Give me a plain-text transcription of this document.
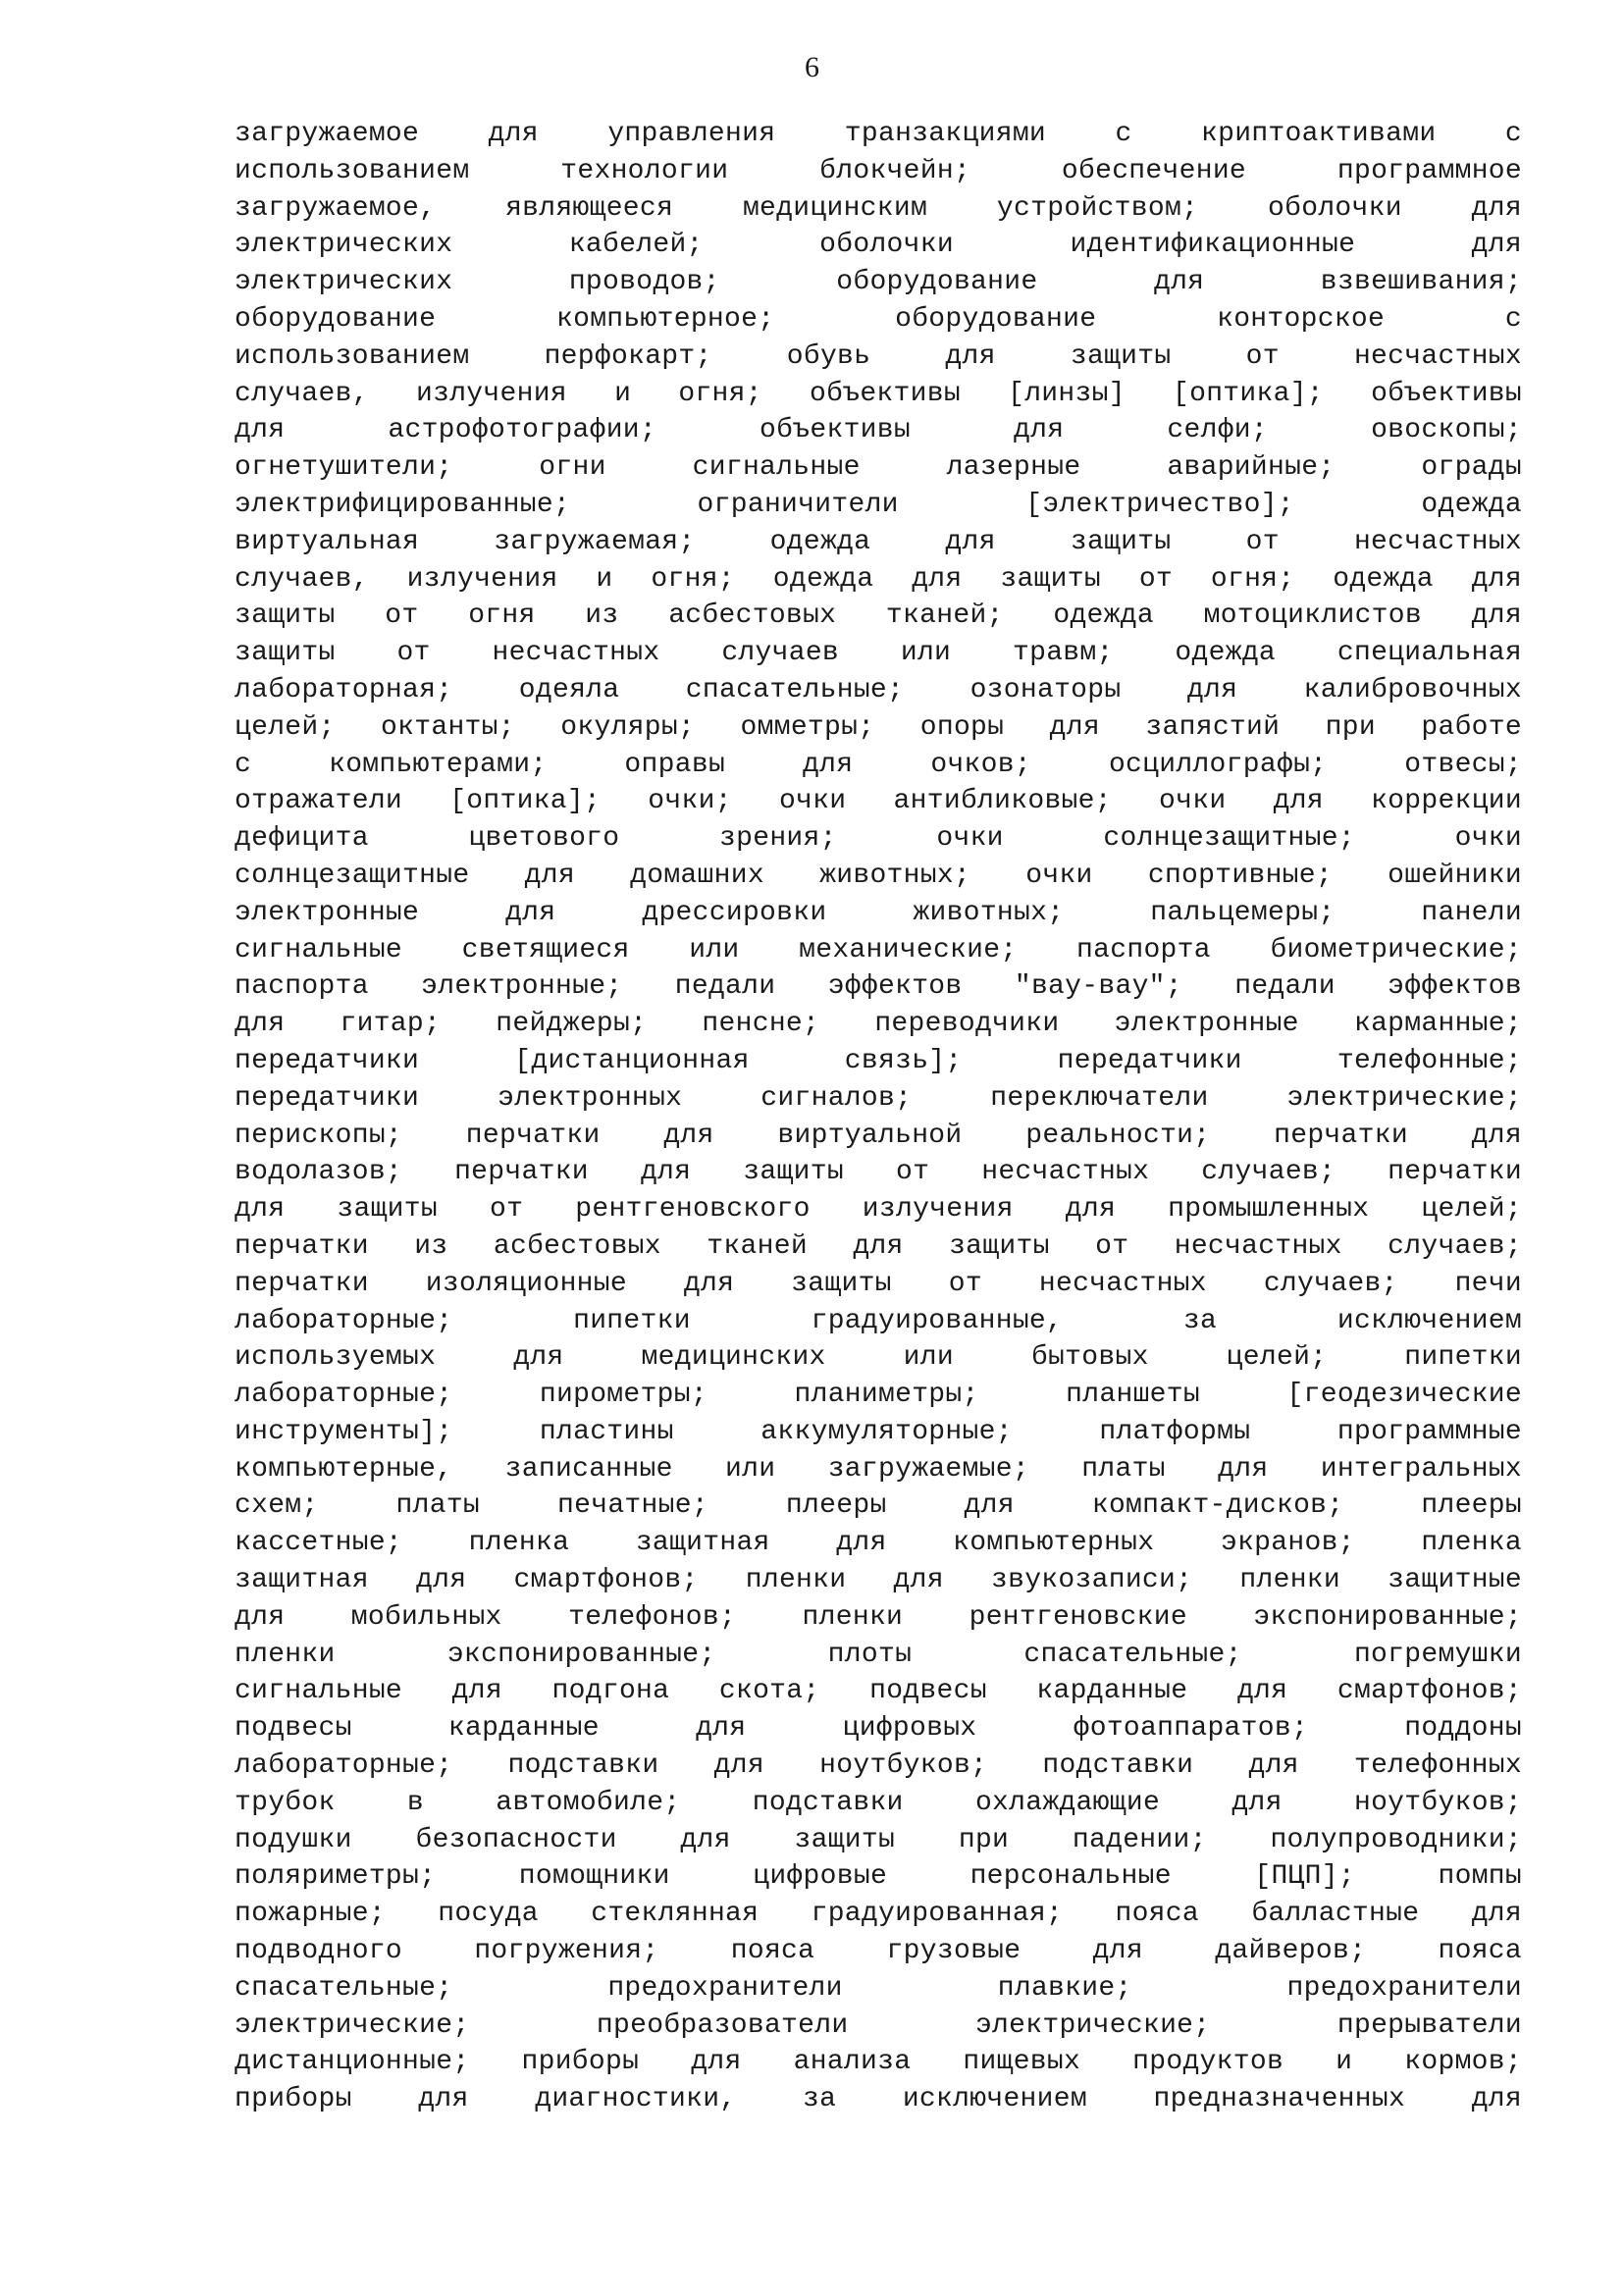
6
загружаемое для управления транзакциями с криптоактивами с
использованием технологии блокчейн; обеспечение программное
загружаемое, являющееся медицинским устройством; оболочки для
электрических кабелей; оболочки идентификационные для
электрических проводов; оборудование для взвешивания;
оборудование компьютерное; оборудование конторское с
использованием перфокарт; обувь для защиты от несчастных
случаев, излучения и огня; объективы [линзы] [оптика]; объективы
для астрофотографии; объективы для селфи; овоскопы;
огнетушители; огни сигнальные лазерные аварийные; ограды
электрифицированные; ограничители [электричество]; одежда
виртуальная загружаемая; одежда для защиты от несчастных
случаев, излучения и огня; одежда для защиты от огня; одежда для
защиты от огня из асбестовых тканей; одежда мотоциклистов для
защиты от несчастных случаев или травм; одежда специальная
лабораторная; одеяла спасательные; озонаторы для калибровочных
целей; октанты; окуляры; омметры; опоры для запястий при работе
с компьютерами; оправы для очков; осциллографы; отвесы;
отражатели [оптика]; очки; очки антибликовые; очки для коррекции
дефицита цветового зрения; очки солнцезащитные; очки
солнцезащитные для домашних животных; очки спортивные; ошейники
электронные для дрессировки животных; пальцемеры; панели
сигнальные светящиеся или механические; паспорта биометрические;
паспорта электронные; педали эффектов "вау-вау"; педали эффектов
для гитар; пейджеры; пенсне; переводчики электронные карманные;
передатчики [дистанционная связь]; передатчики телефонные;
передатчики электронных сигналов; переключатели электрические;
перископы; перчатки для виртуальной реальности; перчатки для
водолазов; перчатки для защиты от несчастных случаев; перчатки
для защиты от рентгеновского излучения для промышленных целей;
перчатки из асбестовых тканей для защиты от несчастных случаев;
перчатки изоляционные для защиты от несчастных случаев; печи
лабораторные; пипетки градуированные, за исключением
используемых для медицинских или бытовых целей; пипетки
лабораторные; пирометры; планиметры; планшеты [геодезические
инструменты]; пластины аккумуляторные; платформы программные
компьютерные, записанные или загружаемые; платы для интегральных
схем; платы печатные; плееры для компакт-дисков; плееры
кассетные; пленка защитная для компьютерных экранов; пленка
защитная для смартфонов; пленки для звукозаписи; пленки защитные
для мобильных телефонов; пленки рентгеновские экспонированные;
пленки экспонированные; плоты спасательные; погремушки
сигнальные для подгона скота; подвесы карданные для смартфонов;
подвесы карданные для цифровых фотоаппаратов; поддоны
лабораторные; подставки для ноутбуков; подставки для телефонных
трубок в автомобиле; подставки охлаждающие для ноутбуков;
подушки безопасности для защиты при падении; полупроводники;
поляриметры; помощники цифровые персональные [ПЦП]; помпы
пожарные; посуда стеклянная градуированная; пояса балластные для
подводного погружения; пояса грузовые для дайверов; пояса
спасательные; предохранители плавкие; предохранители
электрические; преобразователи электрические; прерыватели
дистанционные; приборы для анализа пищевых продуктов и кормов;
приборы для диагностики, за исключением предназначенных для
